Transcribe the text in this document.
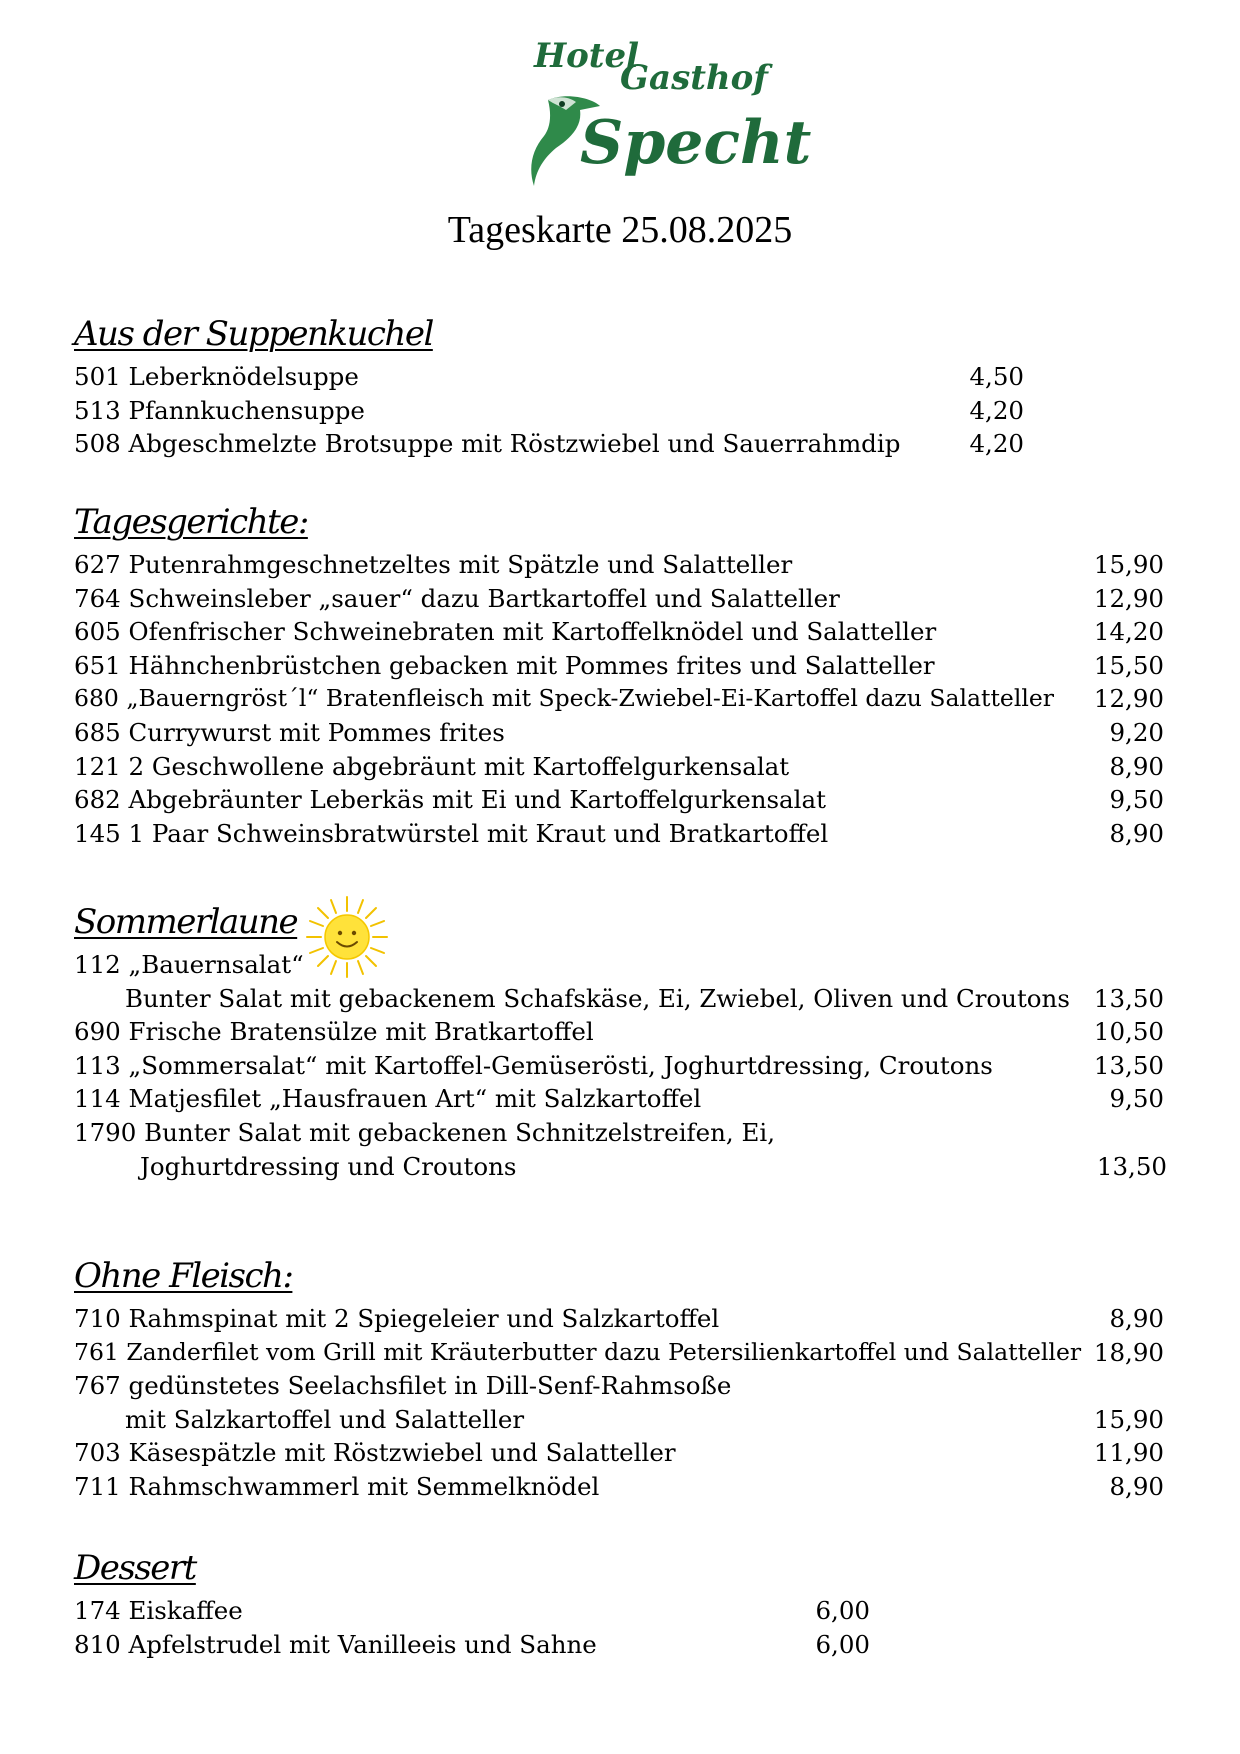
Hotel
Gasthof
Specht
Tageskarte 25.08.2025
Aus der Suppenkuchel
501 Leberknödelsuppe	4,50
513 Pfannkuchensuppe	4,20
508 Abgeschmelzte Brotsuppe mit Röstzwiebel und Sauerrahmdip	4,20
Tagesgerichte:
627 Putenrahmgeschnetzeltes mit Spätzle und Salatteller	15,90
764 Schweinsleber „sauer“ dazu Bartkartoffel und Salatteller	12,90
605 Ofenfrischer Schweinebraten mit Kartoffelknödel und Salatteller	14,20
651 Hähnchenbrüstchen gebacken mit Pommes frites und Salatteller	15,50
680 „Bauerngröst´l“ Bratenfleisch mit Speck-Zwiebel-Ei-Kartoffel dazu Salatteller	12,90
685 Currywurst mit Pommes frites	9,20
121 2 Geschwollene abgebräunt mit Kartoffelgurkensalat	8,90
682 Abgebräunter Leberkäs mit Ei und Kartoffelgurkensalat	9,50
145 1 Paar Schweinsbratwürstel mit Kraut und Bratkartoffel	8,90
Sommerlaune
112 „Bauernsalat“
Bunter Salat mit gebackenem Schafskäse, Ei, Zwiebel, Oliven und Croutons 13,50
690 Frische Bratensülze mit Bratkartoffel	10,50
113 „Sommersalat“ mit Kartoffel-Gemüserösti, Joghurtdressing, Croutons	13,50
114 Matjesfilet „Hausfrauen Art“ mit Salzkartoffel	9,50
1790 Bunter Salat mit gebackenen Schnitzelstreifen, Ei,
Joghurtdressing und Croutons	13,50
Ohne Fleisch:
710 Rahmspinat mit 2 Spiegeleier und Salzkartoffel	8,90
761 Zanderfilet vom Grill mit Kräuterbutter dazu Petersilienkartoffel und Salatteller 18,90
767 gedünstetes Seelachsfilet in Dill-Senf-Rahmsoße
mit Salzkartoffel und Salatteller	15,90
703 Käsespätzle mit Röstzwiebel und Salatteller	11,90
711 Rahmschwammerl mit Semmelknödel	8,90
Dessert
174 Eiskaffee	6,00
810 Apfelstrudel mit Vanilleeis und Sahne	6,00
